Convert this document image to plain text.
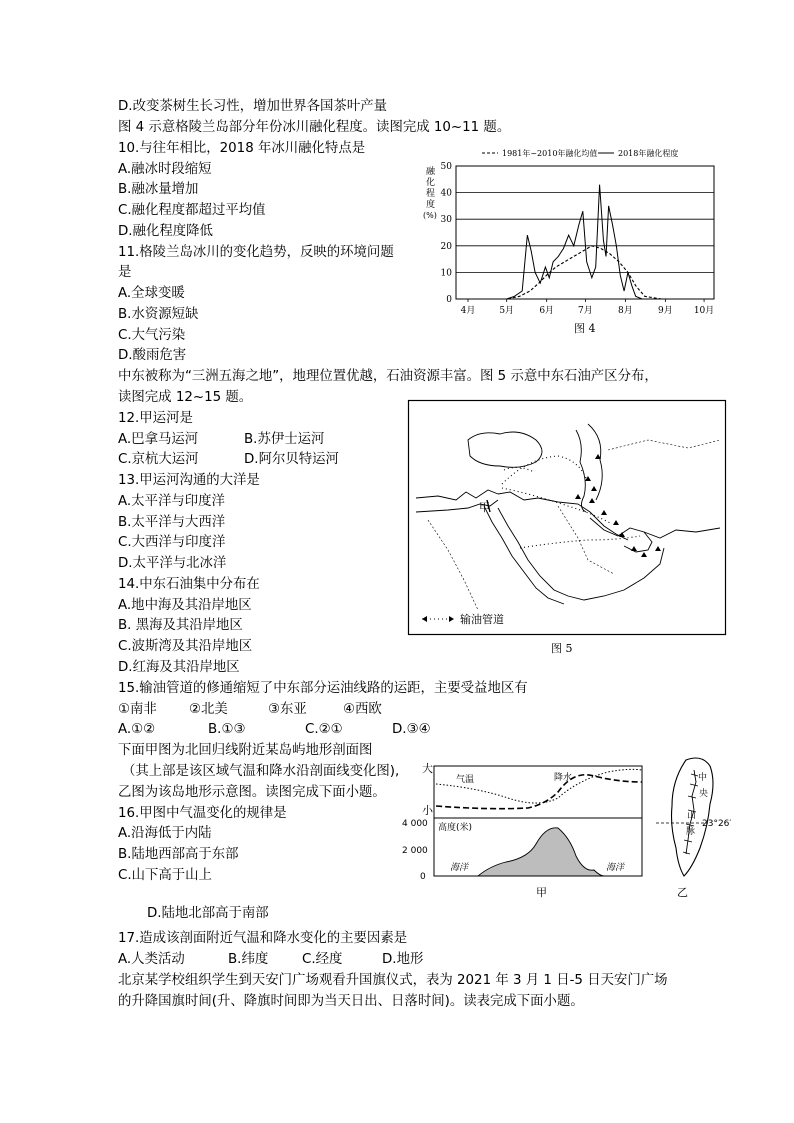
D.改变茶树生长习性，增加世界各国茶叶产量

图 4 示意格陵兰岛部分年份冰川融化程度。读图完成 10~11 题。

10.与往年相比，2018 年冰川融化特点是

A.融冰时段缩短

B.融冰量增加

C.融化程度都超过平均值

D.融化程度降低

11.格陵兰岛冰川的变化趋势，反映的环境问题

是

A.全球变暖

B.水资源短缺

C.大气污染

D.酸雨危害

中东被称为“三洲五海之地”，地理位置优越，石油资源丰富。图 5 示意中东石油产区分布，

读图完成 12~15 题。

12.甲运河是

A.巴拿马运河	B.苏伊士运河

C.京杭大运河	D.阿尔贝特运河

13.甲运河沟通的大洋是

A.太平洋与印度洋

B.太平洋与大西洋

C.大西洋与印度洋

D.太平洋与北冰洋

14.中东石油集中分布在

A.地中海及其沿岸地区

B. 黑海及其沿岸地区

C.波斯湾及其沿岸地区

D.红海及其沿岸地区

15.输油管道的修通缩短了中东部分运油线路的运距，主要受益地区有

①南非 ②北美	③东亚	④西欧

A.①②	B.①③	C.②①	D.③④

下面甲图为北回归线附近某岛屿地形剖面图

（其上部是该区域气温和降水沿剖面线变化图),

乙图为该岛地形示意图。读图完成下面小题。

16.甲图中气温变化的规律是

A.沿海低于内陆

B.陆地西部高于东部

C.山下高于山上

D.陆地北部高于南部

17.造成该剖面附近气温和降水变化的主要因素是

A.人类活动	B.纬度	C.经度	D.地形

北京某学校组织学生到天安门广场观看升国旗仪式，表为 2021 年 3 月 1 日-5 日天安门广场

的升降国旗时间(升、降旗时间即为当天日出、日落时间)。读表完成下面小题。

1981年~2010年融化均值	2018年融化程度
融
化
程
度
(%)
0
10
20
30
40
50
4月	5月	6月	7月	8月	9月 10月
图 4
甲
输油管道
图 5
大
小
气温	降水
4 000
2 000
0
高度(米)
海洋	海洋
甲
中
央
山
脉
23°26′
乙
